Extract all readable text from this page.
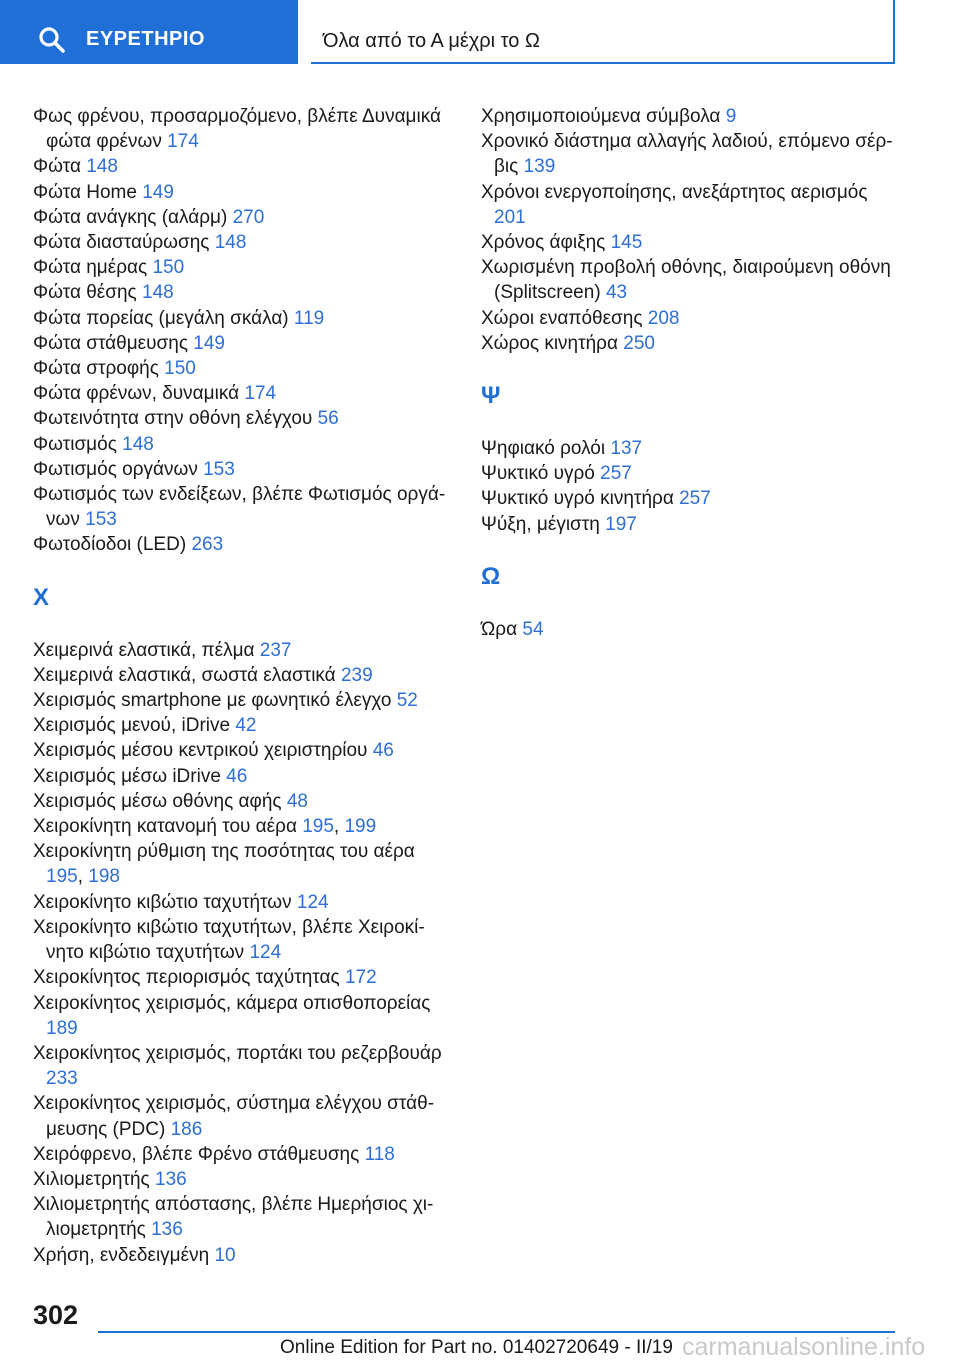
ΕΥΡΕΤΗΡΙΟ	Όλα από το Α μέχρι το Ω
Φως φρένου, προσαρμοζόμενο, βλέπε Δυναμικά φώτα φρένων 174
Φώτα 148
Φώτα Home 149
Φώτα ανάγκης (αλάρμ) 270
Φώτα διασταύρωσης 148
Φώτα ημέρας 150
Φώτα θέσης 148
Φώτα πορείας (μεγάλη σκάλα) 119
Φώτα στάθμευσης 149
Φώτα στροφής 150
Φώτα φρένων, δυναμικά 174
Φωτεινότητα στην οθόνη ελέγχου 56
Φωτισμός 148
Φωτισμός οργάνων 153
Φωτισμός των ενδείξεων, βλέπε Φωτισμός οργάνων 153
Φωτοδίοδοι (LED) 263
Χ
Χειμερινά ελαστικά, πέλμα 237
Χειμερινά ελαστικά, σωστά ελαστικά 239
Χειρισμός smartphone με φωνητικό έλεγχο 52
Χειρισμός μενού, iDrive 42
Χειρισμός μέσου κεντρικού χειριστηρίου 46
Χειρισμός μέσω iDrive 46
Χειρισμός μέσω οθόνης αφής 48
Χειροκίνητη κατανομή του αέρα 195, 199
Χειροκίνητη ρύθμιση της ποσότητας του αέρα 195, 198
Χειροκίνητο κιβώτιο ταχυτήτων 124
Χειροκίνητο κιβώτιο ταχυτήτων, βλέπε Χειροκίνητο κιβώτιο ταχυτήτων 124
Χειροκίνητος περιορισμός ταχύτητας 172
Χειροκίνητος χειρισμός, κάμερα οπισθοπορείας 189
Χειροκίνητος χειρισμός, πορτάκι του ρεζερβουάρ 233
Χειροκίνητος χειρισμός, σύστημα ελέγχου στάθμευσης (PDC) 186
Χειρόφρενο, βλέπε Φρένο στάθμευσης 118
Χιλιομετρητής 136
Χιλιομετρητής απόστασης, βλέπε Ημερήσιος χιλιομετρητής 136
Χρήση, ενδεδειγμένη 10
Χρησιμοποιούμενα σύμβολα 9
Χρονικό διάστημα αλλαγής λαδιού, επόμενο σέρβις 139
Χρόνοι ενεργοποίησης, ανεξάρτητος αερισμός 201
Χρόνος άφιξης 145
Χωρισμένη προβολή οθόνης, διαιρούμενη οθόνη (Splitscreen) 43
Χώροι εναπόθεσης 208
Χώρος κινητήρα 250
Ψ
Ψηφιακό ρολόι 137
Ψυκτικό υγρό 257
Ψυκτικό υγρό κινητήρα 257
Ψύξη, μέγιστη 197
Ω
Ώρα 54
302
Online Edition for Part no. 01402720649 - II/19 carmanualsonline.info
